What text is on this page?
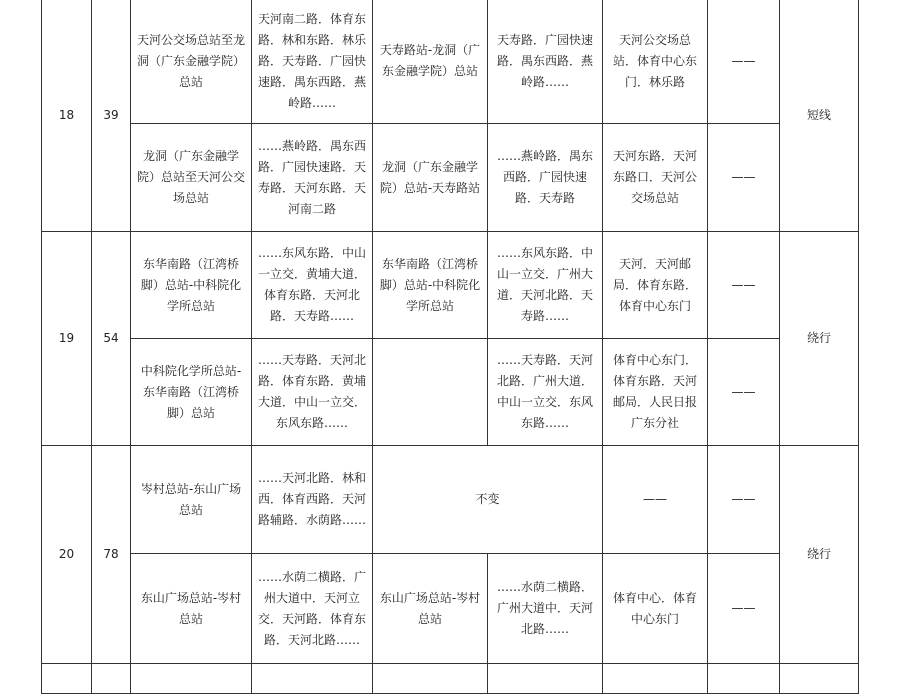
18	39	天河公交场总站至龙洞（广东金融学院）总站	天河南二路．体育东路．林和东路．林乐路．天寿路．广园快速路．禺东西路．燕岭路……	天寿路站-龙洞（广东金融学院）总站	天寿路．广园快速路．禺东西路．燕岭路……	天河公交场总站．体育中心东门．林乐路	——	短线
		龙洞（广东金融学院）总站至天河公交场总站	……燕岭路．禺东西路．广园快速路．天寿路．天河东路．天河南二路	龙洞（广东金融学院）总站-天寿路站	……燕岭路．禺东西路．广园快速路．天寿路	天河东路．天河东路口．天河公交场总站	——	
19	54	东华南路（江湾桥脚）总站-中科院化学所总站	……东风东路．中山一立交．黄埔大道．体育东路．天河北路．天寿路……	东华南路（江湾桥脚）总站-中科院化学所总站	……东风东路．中山一立交．广州大道．天河北路．天寿路……	天河．天河邮局．体育东路．体育中心东门	——	绕行
		中科院化学所总站-东华南路（江湾桥脚）总站	……天寿路．天河北路．体育东路．黄埔大道．中山一立交．东风东路……		……天寿路．天河北路．广州大道．中山一立交．东风东路……	体育中心东门．体育东路．天河邮局．人民日报广东分社	——	
20	78	岑村总站-东山广场总站	……天河北路．林和西．体育西路．天河路辅路．水荫路……	不变		——	——	绕行
		东山广场总站-岑村总站	……水荫二横路．广州大道中．天河立交．天河路．体育东路．天河北路……	东山广场总站-岑村总站	……水荫二横路．广州大道中．天河北路……	体育中心．体育中心东门	——	
